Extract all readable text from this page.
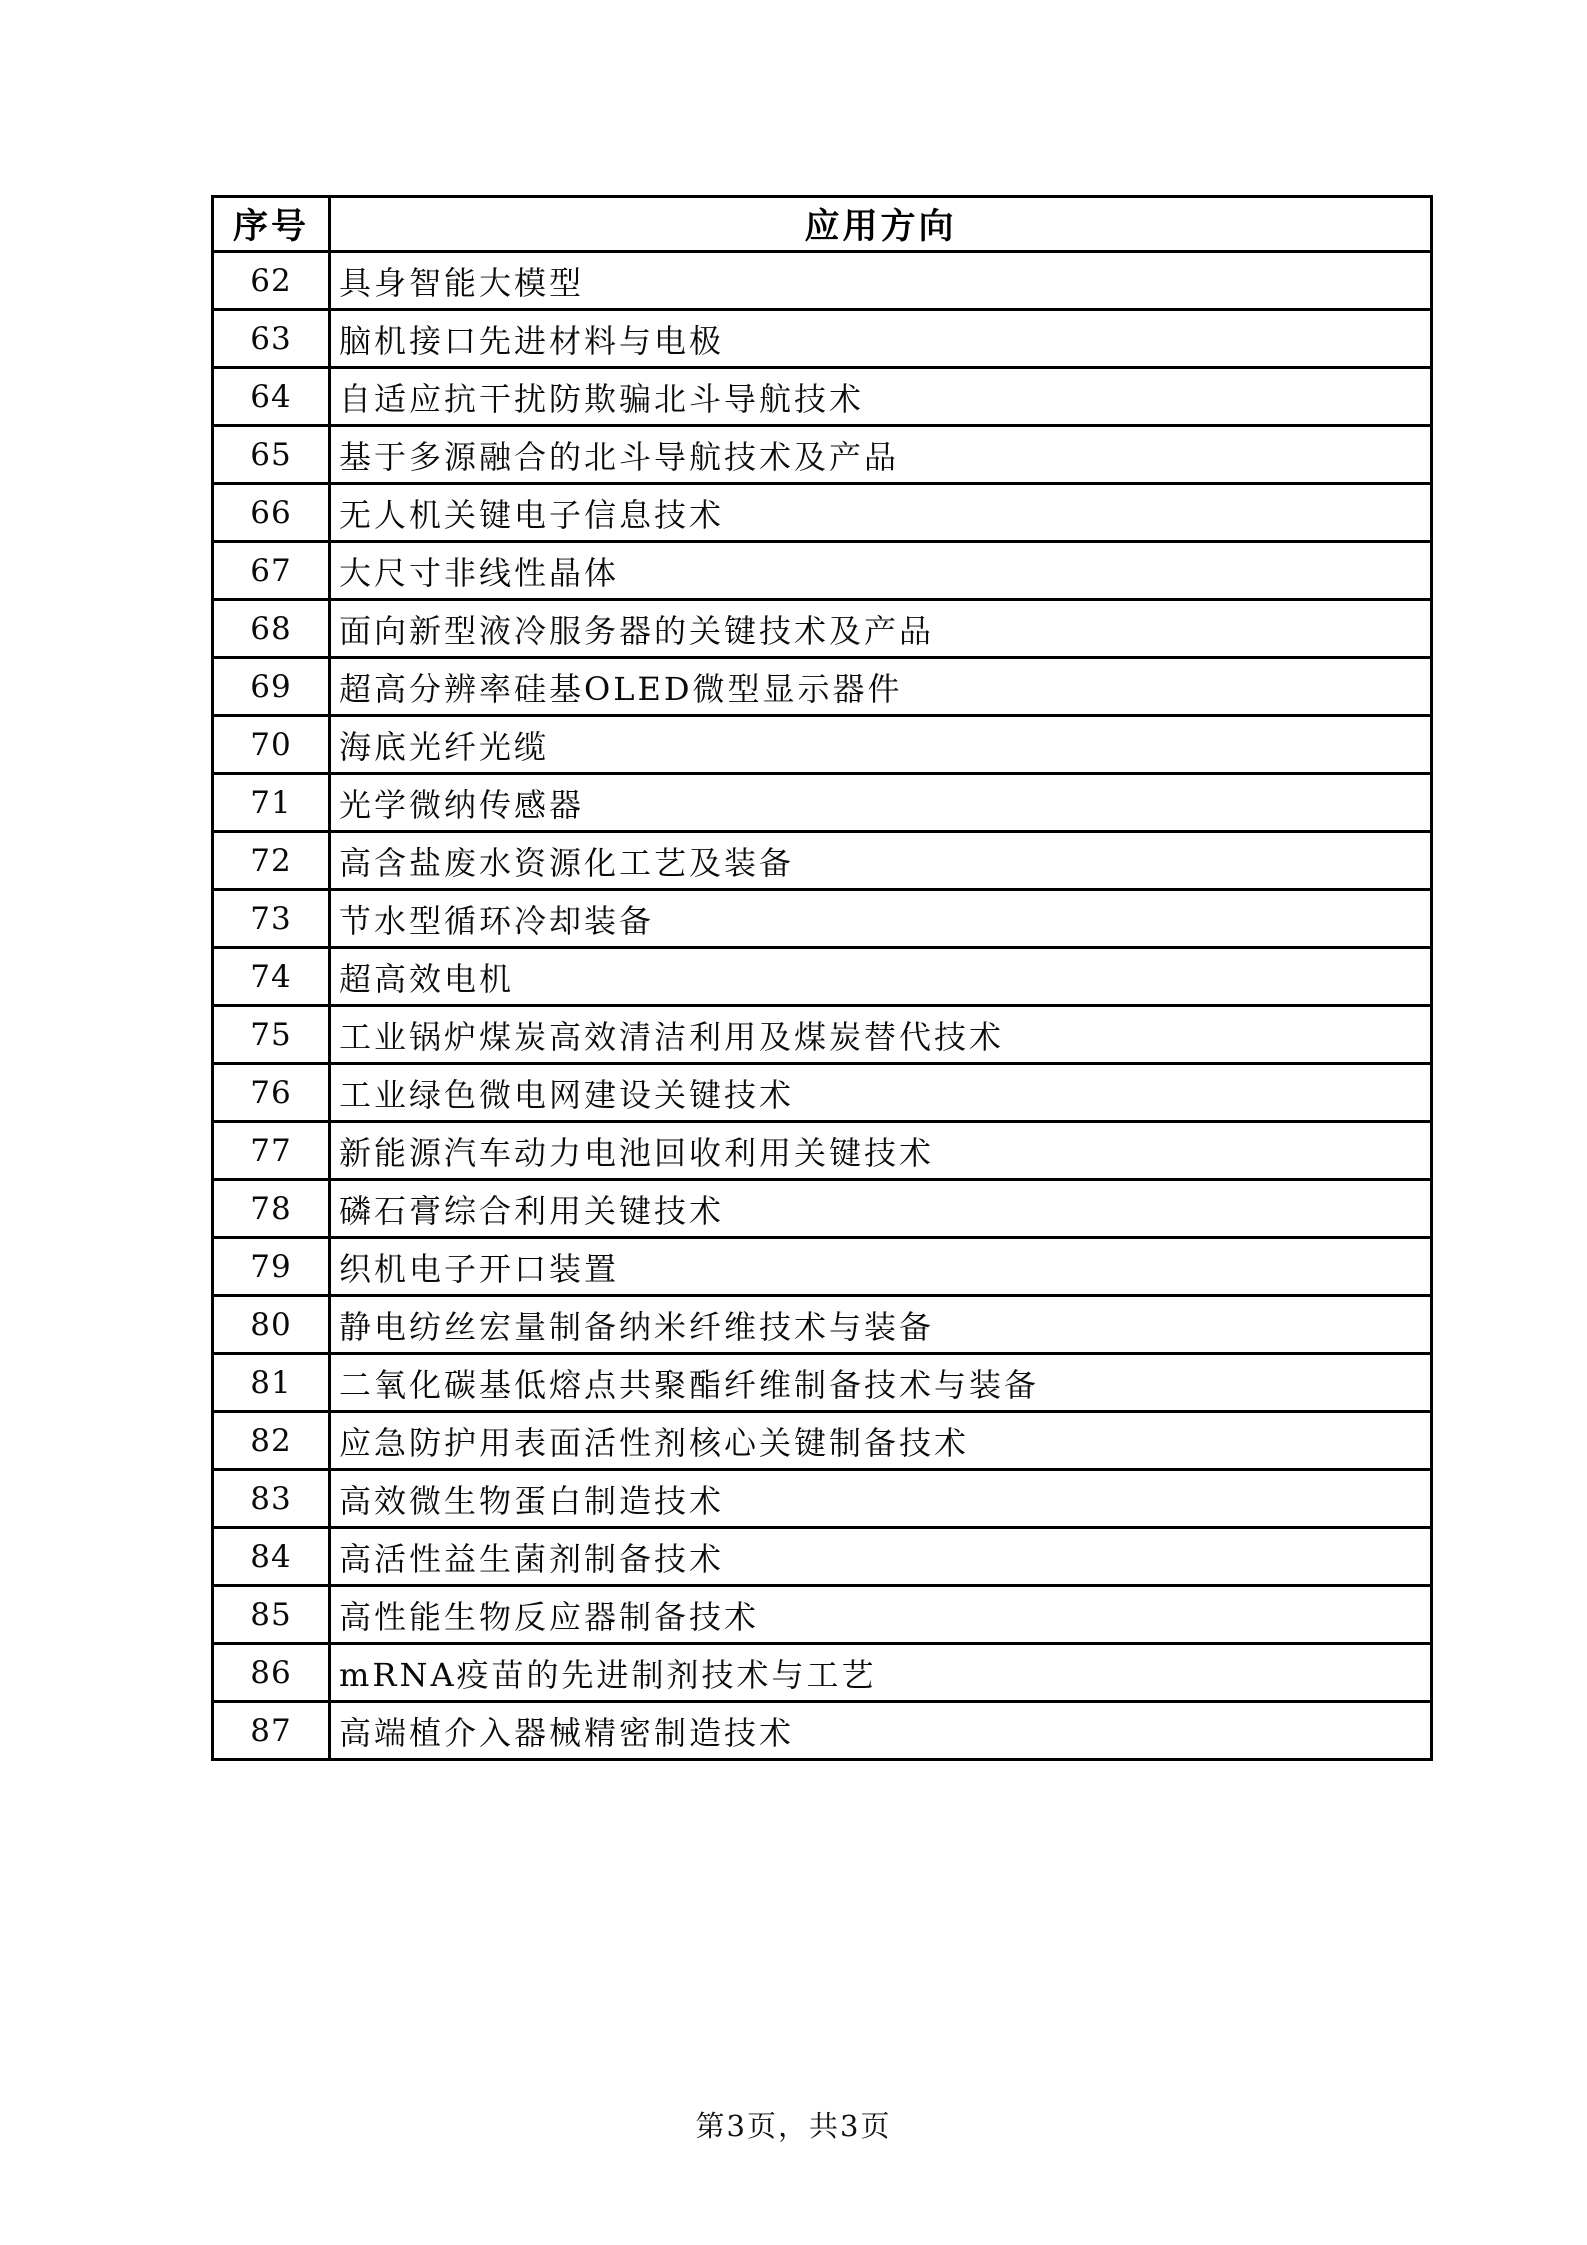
序号	应用方向
62	具身智能大模型
63	脑机接口先进材料与电极
64	自适应抗干扰防欺骗北斗导航技术
65	基于多源融合的北斗导航技术及产品
66	无人机关键电子信息技术
67	大尺寸非线性晶体
68	面向新型液冷服务器的关键技术及产品
69	超高分辨率硅基OLED微型显示器件
70	海底光纤光缆
71	光学微纳传感器
72	高含盐废水资源化工艺及装备
73	节水型循环冷却装备
74	超高效电机
75	工业锅炉煤炭高效清洁利用及煤炭替代技术
76	工业绿色微电网建设关键技术
77	新能源汽车动力电池回收利用关键技术
78	磷石膏综合利用关键技术
79	织机电子开口装置
80	静电纺丝宏量制备纳米纤维技术与装备
81	二氧化碳基低熔点共聚酯纤维制备技术与装备
82	应急防护用表面活性剂核心关键制备技术
83	高效微生物蛋白制造技术
84	高活性益生菌剂制备技术
85	高性能生物反应器制备技术
86	mRNA疫苗的先进制剂技术与工艺
87	高端植介入器械精密制造技术
第3页，共3页
